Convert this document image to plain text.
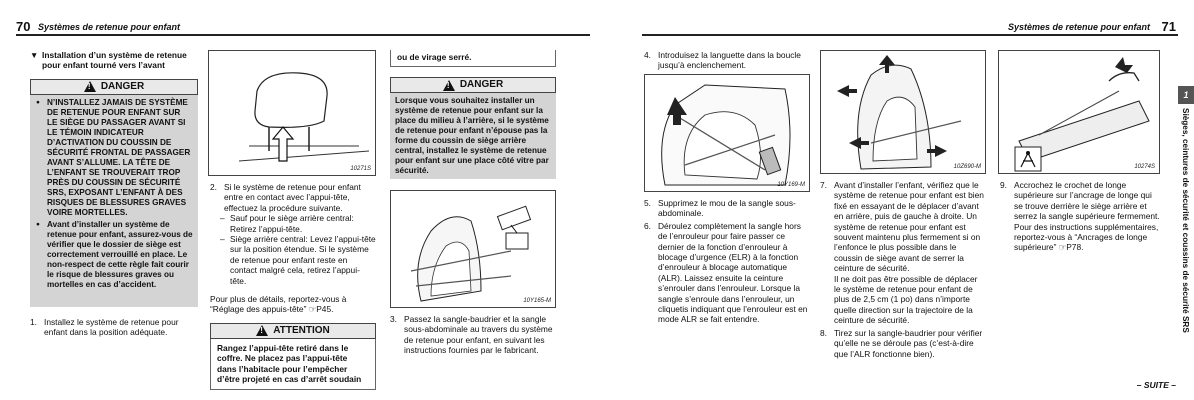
70 Systèmes de retenue pour enfant
▼ Installation d’un système de retenue pour enfant tourné vers l’avant
!
DANGER
● N’INSTALLEZ JAMAIS DE SYSTÈME DE RETENUE POUR ENFANT SUR LE SIÈGE DU PASSAGER AVANT SI LE TÉMOIN INDICATEUR D’ACTIVATION DU COUSSIN DE SÉCURITÉ FRONTAL DE PASSAGER AVANT S’ALLUME. LA TÊTE DE L’ENFANT SE TROUVERAIT TROP PRÈS DU COUSSIN DE SÉCURITÉ SRS, EXPOSANT L’ENFANT À DES RISQUES DE BLESSURES GRAVES VOIRE MORTELLES.
● Avant d’installer un système de retenue pour enfant, assurez-vous de vérifier que le dossier de siège est correctement verrouillé en place. Le non-respect de cette règle fait courir le risque de blessures graves ou mortelles en cas d’accident.
1. Installez le système de retenue pour enfant dans la position adéquate.
10271S
2. Si le système de retenue pour enfant entre en contact avec l’appui-tête, effectuez la procédure suivante.
– Sauf pour le siège arrière central: Retirez l’appui-tête.
– Siège arrière central: Levez l’appui-tête sur la position étendue. Si le système de retenue pour enfant reste en contact malgré cela, retirez l’appui-tête.
Pour plus de détails, reportez-vous à “Réglage des appuis-tête” ☞P45.
!
ATTENTION
Rangez l’appui-tête retiré dans le coffre. Ne placez pas l’appui-tête dans l’habitacle pour l’empêcher d’être projeté en cas d’arrêt soudain
ou de virage serré.
!
DANGER
Lorsque vous souhaitez installer un système de retenue pour enfant sur la place du milieu à l’arrière, si le système de retenue pour enfant n’épouse pas la forme du coussin de siège arrière central, installez le système de retenue pour enfant sur une place côté vitre par sécurité.
10Y165-M
3. Passez la sangle-baudrier et la sangle sous-abdominale au travers du système de retenue pour enfant, en suivant les instructions fournies par le fabricant.
Systèmes de retenue pour enfant 71
4. Introduisez la languette dans la boucle jusqu’à enclenchement.
10Y169-M
5. Supprimez le mou de la sangle sous-abdominale.
6. Déroulez complètement la sangle hors de l’enrouleur pour faire passer ce dernier de la fonction d’enrouleur à blocage d’urgence (ELR) à la fonction d’enrouleur à blocage automatique (ALR). Laissez ensuite la ceinture s’enrouler dans l’enrouleur. Lorsque la sangle s’enroule dans l’enrouleur, un cliquetis indiquant que l’enrouleur est en mode ALR se fait entendre.
10Z690-M
7. Avant d’installer l’enfant, vérifiez que le système de retenue pour enfant est bien fixé en essayant de le déplacer d’avant en arrière, puis de gauche à droite. Un système de retenue pour enfant est souvent maintenu plus fermement si on l’enfonce le plus possible dans le coussin de siège avant de serrer la ceinture de sécurité.
Il ne doit pas être possible de déplacer le système de retenue pour enfant de plus de 2,5 cm (1 po) dans n’importe quelle direction sur la trajectoire de la ceinture de sécurité.
8. Tirez sur la sangle-baudrier pour vérifier qu’elle ne se déroule pas (c’est-à-dire que l’ALR fonctionne bien).
10274S
9. Accrochez le crochet de longe supérieure sur l’ancrage de longe qui se trouve derrière le siège arrière et serrez la sangle supérieure fermement. Pour des instructions supplémentaires, reportez-vous à “Ancrages de longe supérieure” ☞P78.
– SUITE –
1
Sièges, ceintures de sécurité et coussins de sécurité SRS
